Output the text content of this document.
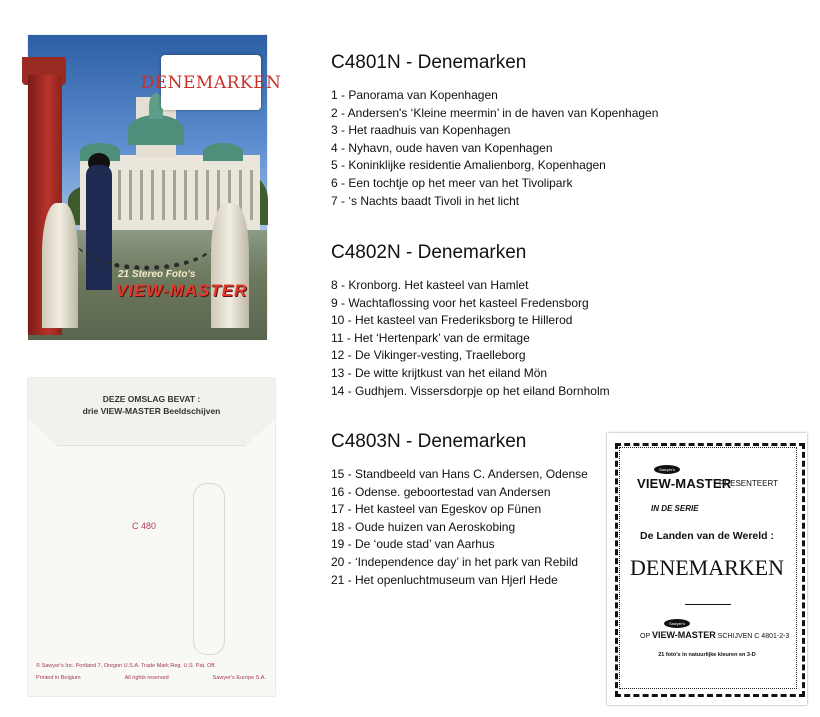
DENEMARKEN
21 Stereo Foto's
VIEW-MASTER
DEZE OMSLAG BEVAT :
drie VIEW-MASTER Beeldschijven
C 480
© Sawyer's Inc. Portland 7, Oregon U.S.A. Trade Mark Reg. U.S. Pat. Off.
Printed in Belgium	All rights reserved	Sawyer's Europe S.A.
C4801N - Denemarken
1 - Panorama van Kopenhagen
2 - Andersen's ‘Kleine meermin’ in de haven van Kopenhagen
3 - Het raadhuis van Kopenhagen
4 - Nyhavn, oude haven van Kopenhagen
5 - Koninklijke residentie Amalienborg, Kopenhagen
6 - Een tochtje op het meer van het Tivolipark
7 - ‘s Nachts baadt Tivoli in het licht
C4802N - Denemarken
8 - Kronborg. Het kasteel van Hamlet
9 - Wachtaflossing voor het kasteel Fredensborg
10 - Het kasteel van Frederiksborg te Hillerod
11 - Het ‘Hertenpark’ van de ermitage
12 - De Vikinger-vesting, Traelleborg
13 - De witte krijtkust van het eiland Mön
14 - Gudhjem. Vissersdorpje op het eiland Bornholm
C4803N - Denemarken
15 - Standbeeld van Hans C. Andersen, Odense
16 - Odense. geboortestad van Andersen
17 - Het kasteel van Egeskov op Fünen
18 - Oude huizen van Aeroskobing
19 - De ‘oude stad’ van Aarhus
20 - ‘Independence day’ in het park van Rebild
21 - Het openluchtmuseum van Hjerl Hede
Sawyer's
VIEW-MASTER
PRESENTEERT
IN DE SERIE
De Landen van de Wereld :
DENEMARKEN
Sawyer's
OP VIEW-MASTER SCHIJVEN C 4801-2-3
21 foto's in natuurlijke kleuren en 3-D
